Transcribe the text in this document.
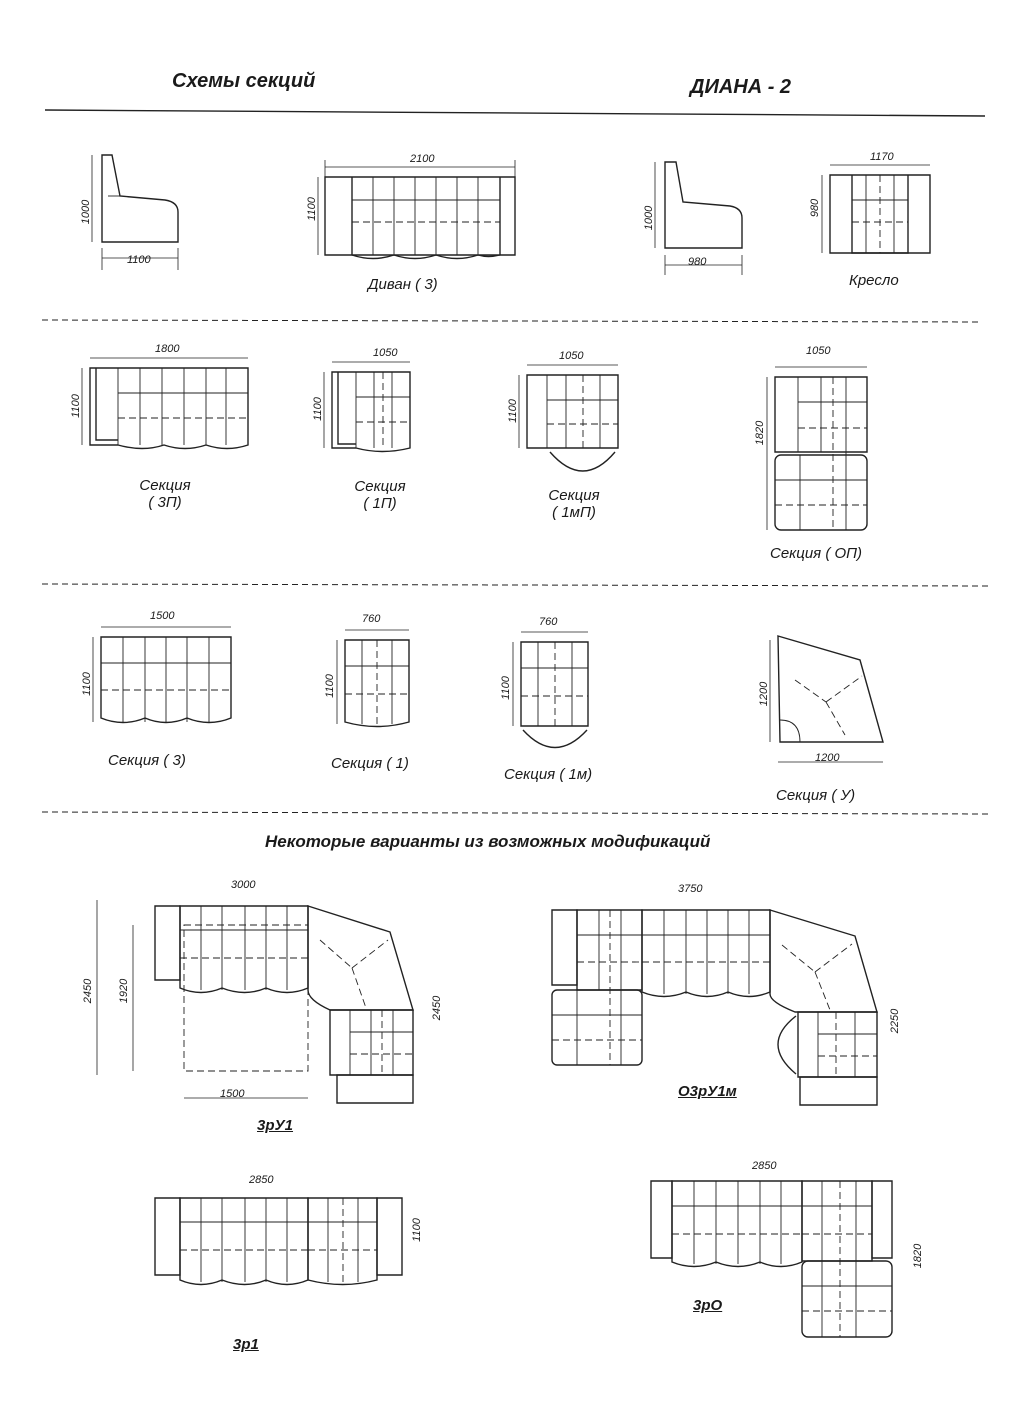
Схемы секций	ДИАНА - 2
Некоторые варианты из возможных модификаций
1000
1100
2100
1100
Диван ( 3)
1000
980
1170
980
Кресло
1800
1100
Секция
( 3П)
1050
1100
Секция
( 1П)
1050
1100
Секция
( 1мП)
1050
1820
Секция ( ОП)
1500
1100
Секция ( 3)
760
1100
Секция ( 1)
760
1100
Секция ( 1м)
1200
1200
Секция ( У)
3000
2450 1920
1500
2450
3рУ1
3750
2250
О3рУ1м
2850
1100
3р1
2850
1820
3рО
